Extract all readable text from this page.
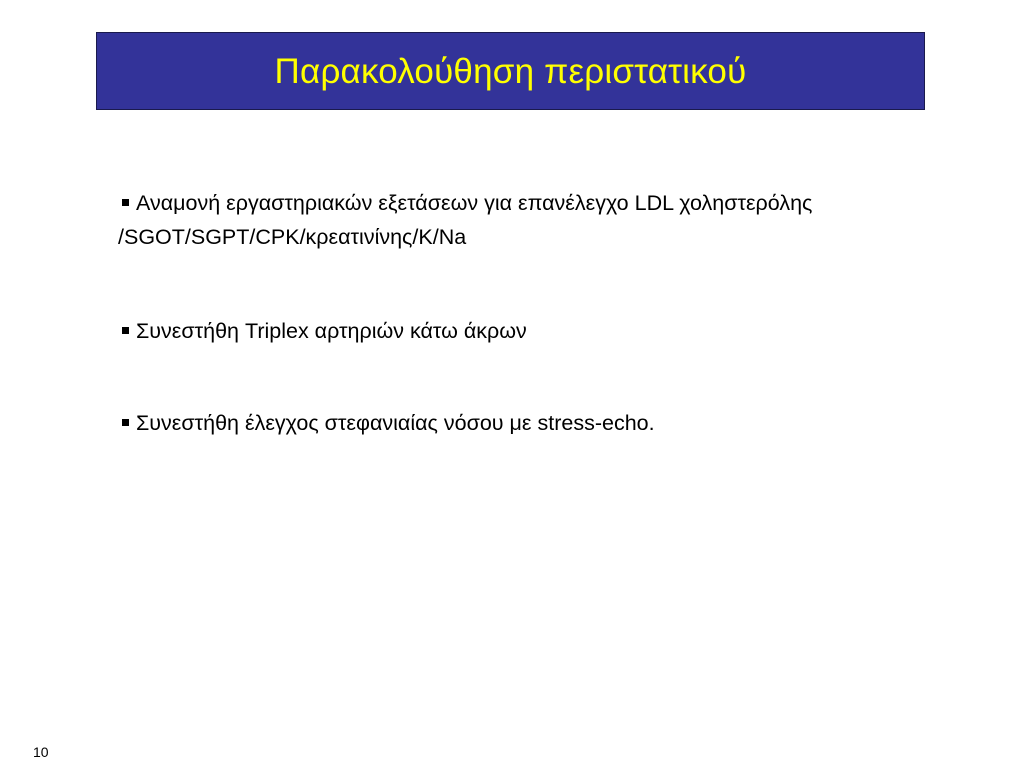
Παρακολούθηση περιστατικού
Αναμονή εργαστηριακών εξετάσεων για επανέλεγχο LDL χοληστερόλης
/SGOT/SGPT/CPK/κρεατινίνης/K/Na
Συνεστήθη Triplex αρτηριών κάτω άκρων
Συνεστήθη έλεγχος στεφανιαίας νόσου με stress-echo.
10
